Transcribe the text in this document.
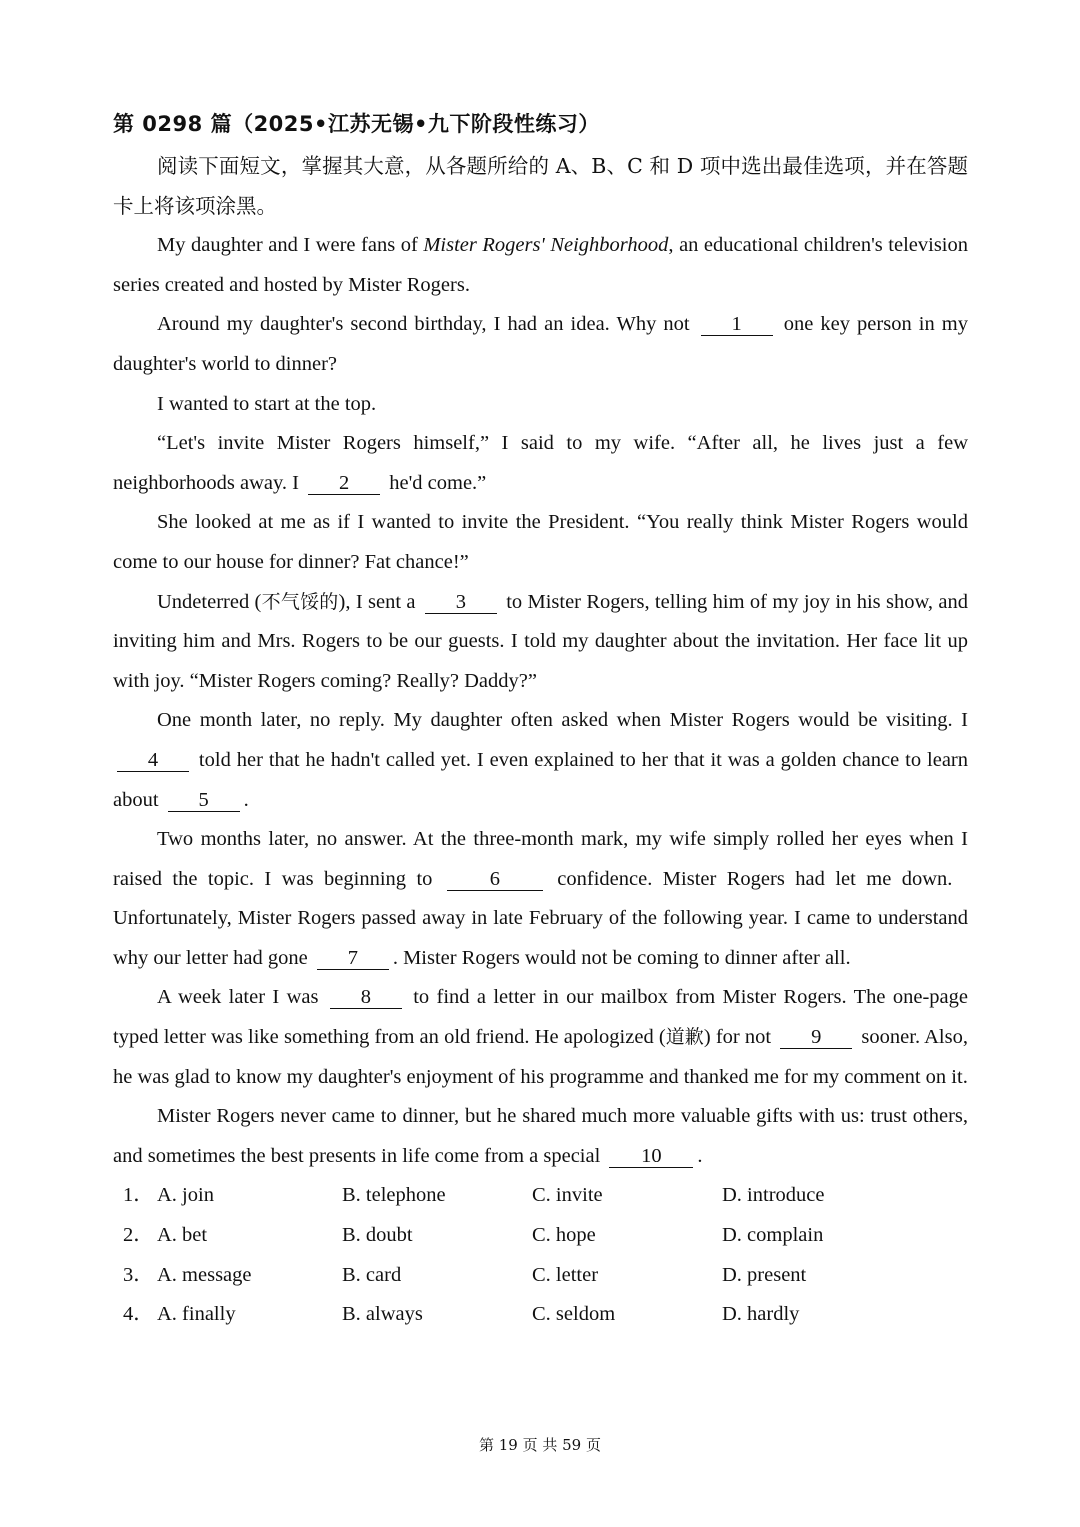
第 0298 篇（2025•江苏无锡•九下阶段性练习）

阅读下面短文，掌握其大意，从各题所给的 A、B、C 和 D 项中选出最佳选项，并在答题卡上将该项涂黑。

My daughter and I were fans of Mister Rogers' Neighborhood, an educational children's television series created and hosted by Mister Rogers.

Around my daughter's second birthday, I had an idea. Why not 1 one key person in my daughter's world to dinner?

I wanted to start at the top.

“Let's invite Mister Rogers himself,” I said to my wife. “After all, he lives just a few neighborhoods away. I 2 he'd come.”

She looked at me as if I wanted to invite the President. “You really think Mister Rogers would come to our house for dinner? Fat chance!”

Undeterred (不气馁的), I sent a 3 to Mister Rogers, telling him of my joy in his show, and inviting him and Mrs. Rogers to be our guests. I told my daughter about the invitation. Her face lit up with joy. “Mister Rogers coming? Really? Daddy?”

One month later, no reply. My daughter often asked when Mister Rogers would be visiting. I 4 told her that he hadn't called yet. I even explained to her that it was a golden chance to learn about 5 .

Two months later, no answer. At the three-month mark, my wife simply rolled her eyes when I raised the topic. I was beginning to 6 confidence. Mister Rogers had let me down.   Unfortunately, Mister Rogers passed away in late February of the following year. I came to understand why our letter had gone 7 . Mister Rogers would not be coming to dinner after all.

A week later I was 8 to find a letter in our mailbox from Mister Rogers. The one-page typed letter was like something from an old friend. He apologized (道歉) for not 9 sooner. Also, he was glad to know my daughter's enjoyment of his programme and thanked me for my comment on it.

Mister Rogers never came to dinner, but he shared much more valuable gifts with us: trust others, and sometimes the best presents in life come from a special 10 .

1． A. join	B. telephone	C. invite	D. introduce
2． A. bet	B. doubt	C. hope	D. complain
3． A. message	B. card	C. letter	D. present
4． A. finally	B. always	C. seldom	D. hardly
第 19 页 共 59 页
